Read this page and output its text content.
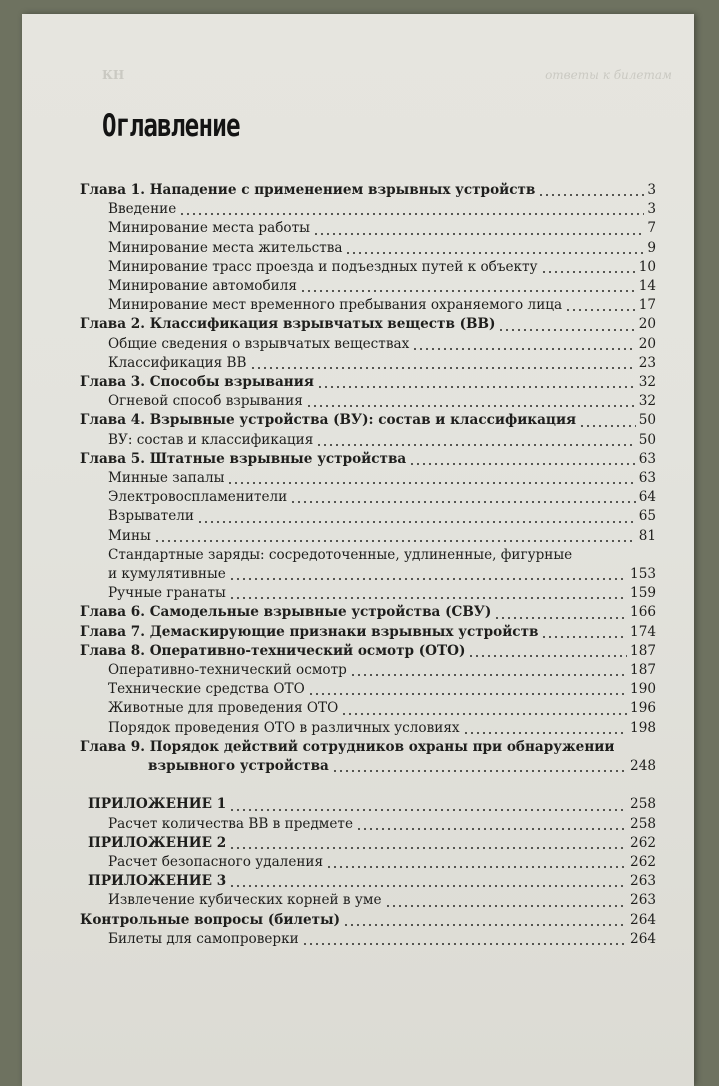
КН	ответы к билетам
Оглавление
Глава 1. Нападение с применением взрывных устройств	3
Введение	3
Минирование места работы	7
Минирование места жительства	9
Минирование трасс проезда и подъездных путей к объекту	10
Минирование автомобиля	14
Минирование мест временного пребывания охраняемого лица	17
Глава 2. Классификация взрывчатых веществ (ВВ)	20
Общие сведения о взрывчатых веществах	20
Классификация ВВ	23
Глава 3. Способы взрывания	32
Огневой способ взрывания	32
Глава 4. Взрывные устройства (ВУ): состав и классификация	50
ВУ: состав и классификация	50
Глава 5. Штатные взрывные устройства	63
Минные запалы	63
Электровоспламенители	64
Взрыватели	65
Мины	81
Стандартные заряды: сосредоточенные, удлиненные, фигурные
и кумулятивные	153
Ручные гранаты	159
Глава 6. Самодельные взрывные устройства (СВУ)	166
Глава 7. Демаскирующие признаки взрывных устройств	174
Глава 8. Оперативно-технический осмотр (ОТО)	187
Оперативно-технический осмотр	187
Технические средства ОТО	190
Животные для проведения ОТО	196
Порядок проведения ОТО в различных условиях	198
Глава 9. Порядок действий сотрудников охраны при обнаружении
взрывного устройства	248
ПРИЛОЖЕНИЕ 1	258
Расчет количества ВВ в предмете	258
ПРИЛОЖЕНИЕ 2	262
Расчет безопасного удаления	262
ПРИЛОЖЕНИЕ 3	263
Извлечение кубических корней в уме	263
Контрольные вопросы (билеты)	264
Билеты для самопроверки	264
